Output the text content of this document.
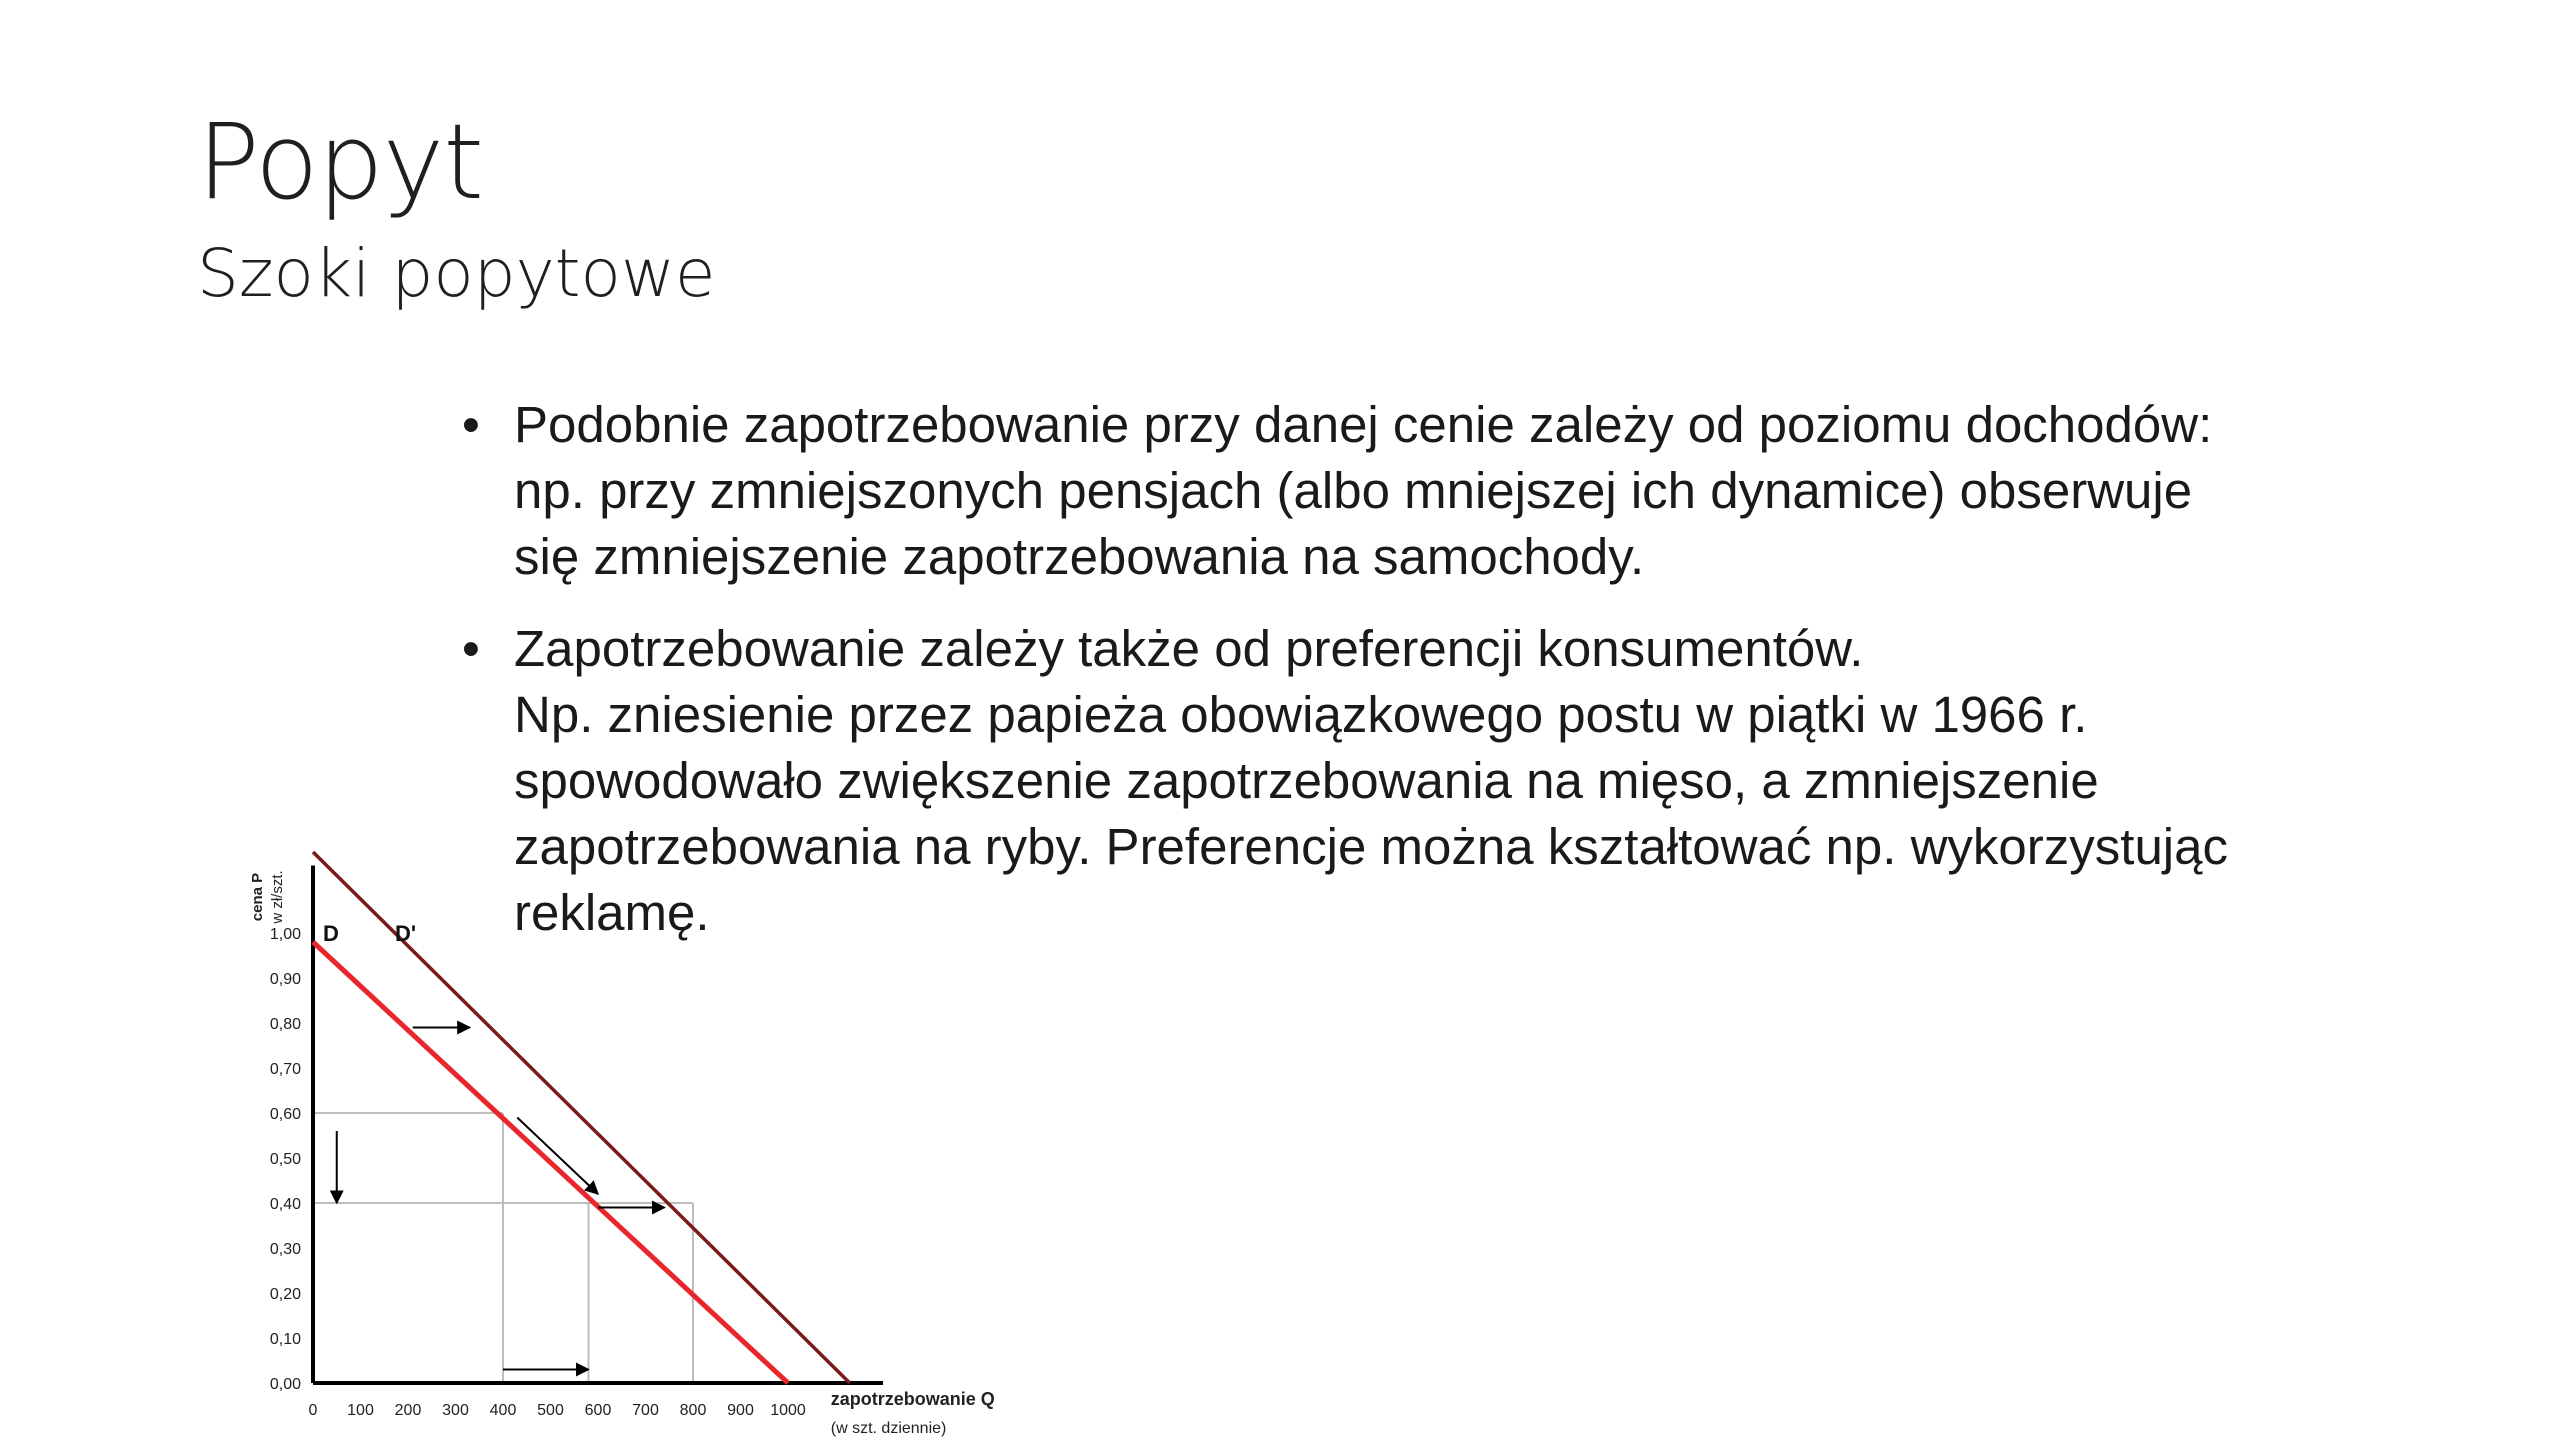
Popyt
Szoki popytowe
• Podobnie zapotrzebowanie przy danej cenie zależy od poziomu dochodów:
np. przy zmniejszonych pensjach (albo mniejszej ich dynamice) obserwuje
się zmniejszenie zapotrzebowania na samochody.
• Zapotrzebowanie zależy także od preferencji konsumentów.
Np. zniesienie przez papieża obowiązkowego postu w piątki w 1966 r.
spowodowało zwiększenie zapotrzebowania na mięso, a zmniejszenie
zapotrzebowania na ryby. Preferencje można kształtować np. wykorzystując
reklamę.
D	D'
0,00
0,10
0,20
0,30
0,40
0,50
0,60
0,70
0,80
0,90
1,00
0 100 200 300 400 500 600 700 800 900 1000
cena P w zł/szt.
zapotrzebowanie Q
(w szt. dziennie)
